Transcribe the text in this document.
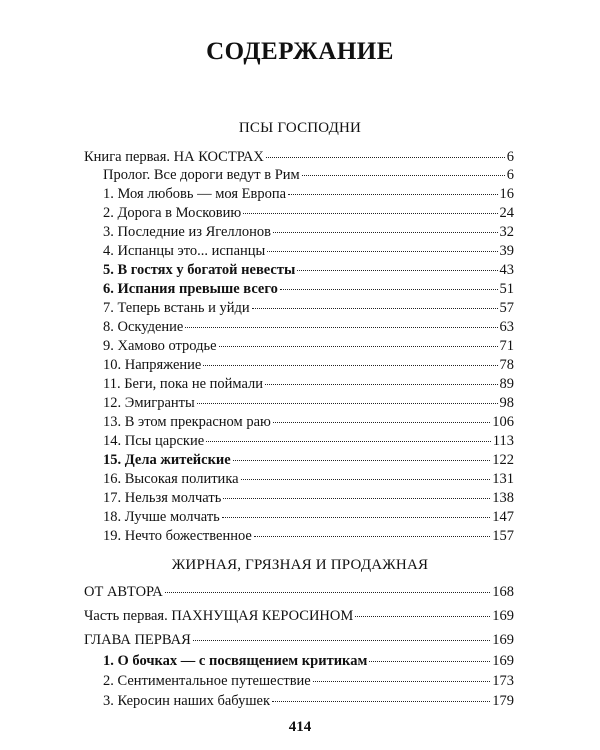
СОДЕРЖАНИЕ
ПСЫ ГОСПОДНИ
Книга первая. НА КОСТРАХ	6
Пролог. Все дороги ведут в Рим	6
1. Моя любовь — моя Европа	16
2. Дорога в Московию	24
3. Последние из Ягеллонов	32
4. Испанцы это... испанцы	39
5. В гостях у богатой невесты	43
6. Испания превыше всего	51
7. Теперь встань и уйди	57
8. Оскудение	63
9. Хамово отродье	71
10. Напряжение	78
11. Беги, пока не поймали	89
12. Эмигранты	98
13. В этом прекрасном раю	106
14. Псы царские	113
15. Дела житейские	122
16. Высокая политика	131
17. Нельзя молчать	138
18. Лучше молчать	147
19. Нечто божественное	157
ЖИРНАЯ, ГРЯЗНАЯ И ПРОДАЖНАЯ
ОТ АВТОРА	168
Часть первая. ПАХНУЩАЯ КЕРОСИНОМ	169
ГЛАВА ПЕРВАЯ	169
1. О бочках — с посвящением критикам	169
2. Сентиментальное путешествие	173
3. Керосин наших бабушек	179
414
